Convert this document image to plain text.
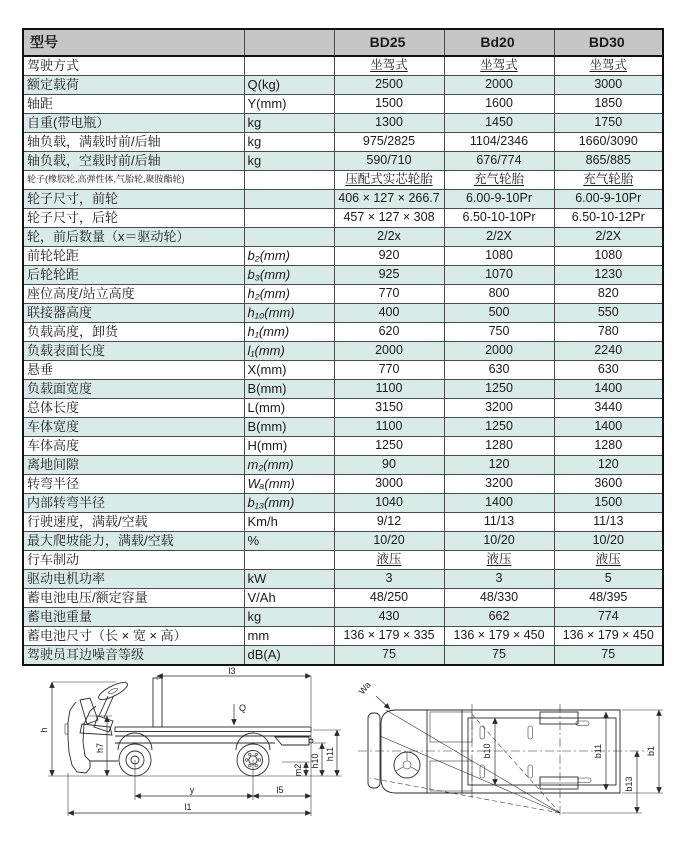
型号		BD25	Bd20	BD30
驾驶方式		坐驾式	坐驾式	坐驾式
额定载荷	Q(kg)	2500	2000	3000
轴距	Y(mm)	1500	1600	1850
自重(带电瓶）	kg	1300	1450	1750
轴负载，满载时前/后轴	kg	975/2825	1104/2346	1660/3090
轴负载，空载时前/后轴	kg	590/710	676/774	865/885
轮子(橡胶轮,高弹性体,气胎轮,聚胺酯轮)		压配式实芯轮胎	充气轮胎	充气轮胎
轮子尺寸，前轮		406 × 127 × 266.7	6.00-9-10Pr	6.00-9-10Pr
轮子尺寸，后轮		457 × 127 × 308	6.50-10-10Pr	6.50-10-12Pr
轮，前后数量（x＝驱动轮）		2/2x	2/2X	2/2X
前轮轮距	b₂(mm)	920	1080	1080
后轮轮距	b₃(mm)	925	1070	1230
座位高度/站立高度	h₂(mm)	770	800	820
联接器高度	h₁₀(mm)	400	500	550
负载高度，卸货	h₁(mm)	620	750	780
负载表面长度	l₁(mm)	2000	2000	2240
悬垂	X(mm)	770	630	630
负载面宽度	B(mm)	1100	1250	1400
总体长度	L(mm)	3150	3200	3440
车体宽度	B(mm)	1100	1250	1400
车体高度	H(mm)	1250	1280	1280
离地间隙	m₂(mm)	90	120	120
转弯半径	Wₐ(mm)	3000	3200	3600
内部转弯半径	b₁₃(mm)	1040	1400	1500
行驶速度，满载/空载	Km/h	9/12	11/13	11/13
最大爬坡能力，满载/空载	%	10/20	10/20	10/20
行车制动		液压	液压	液压
驱动电机功率	kW	3	3	5
蓄电池电压/额定容量	V/Ah	48/250	48/330	48/395
蓄电池重量	kg	430	662	774
蓄电池尺寸（长 × 宽 × 高）	mm	136 × 179 × 335	136 × 179 × 450	136 × 179 × 450
驾驶员耳边噪音等级	dB(A)	75	75	75
h
l3
Q
h7	h11
h10
m2
y	l5
l1
Wa
b10	b11
b13
b1
